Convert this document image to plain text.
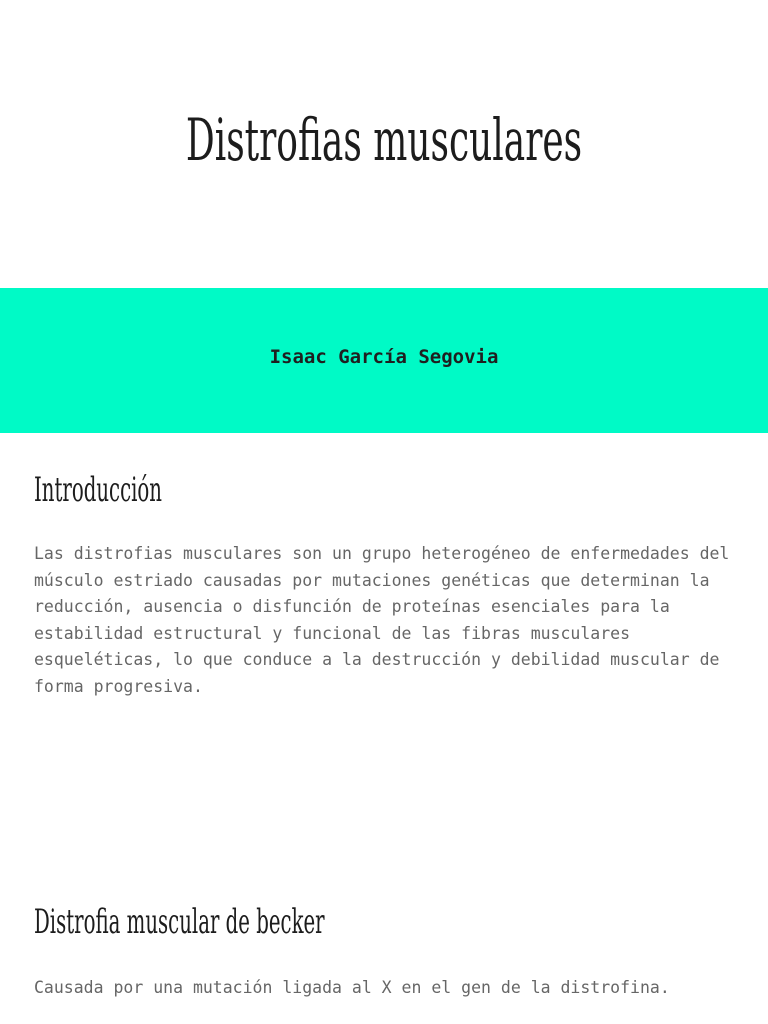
Distrofias musculares

Isaac García Segovia

Introducción

Las distrofias musculares son un grupo heterogéneo de enfermedades del músculo estriado causadas por mutaciones genéticas que determinan la reducción, ausencia o disfunción de proteínas esenciales para la estabilidad estructural y funcional de las fibras musculares esqueléticas, lo que conduce a la destrucción y debilidad muscular de forma progresiva.

Distrofia muscular de becker

Causada por una mutación ligada al X en el gen de la distrofina.
